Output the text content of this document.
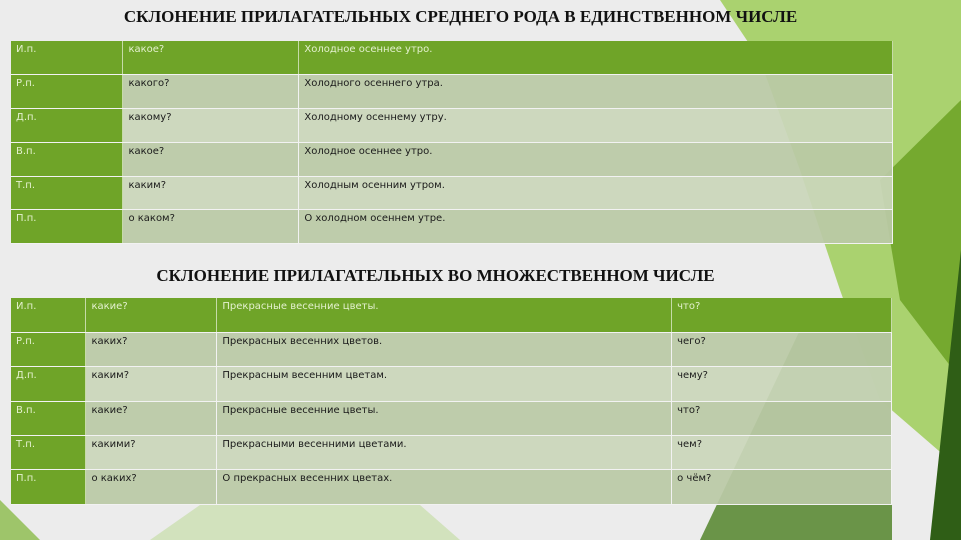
СКЛОНЕНИЕ ПРИЛАГАТЕЛЬНЫХ СРЕДНЕГО РОДА В ЕДИНСТВЕННОМ ЧИСЛЕ
И.п.	какое?	Холодное осеннее утро.
Р.п.	какого?	Холодного осеннего утра.
Д.п.	какому?	Холодному осеннему утру.
В.п.	какое?	Холодное осеннее утро.
Т.п.	каким?	Холодным осенним утром.
П.п.	о каком?	О холодном осеннем утре.
СКЛОНЕНИЕ ПРИЛАГАТЕЛЬНЫХ ВО МНОЖЕСТВЕННОМ ЧИСЛЕ
И.п.	какие?	Прекрасные весенние цветы.	что?
Р.п.	каких?	Прекрасных весенних цветов.	чего?
Д.п.	каким?	Прекрасным весенним цветам.	чему?
В.п.	какие?	Прекрасные весенние цветы.	что?
Т.п.	какими?	Прекрасными весенними цветами.	чем?
П.п.	о каких?	О прекрасных весенних цветах.	о чём?
